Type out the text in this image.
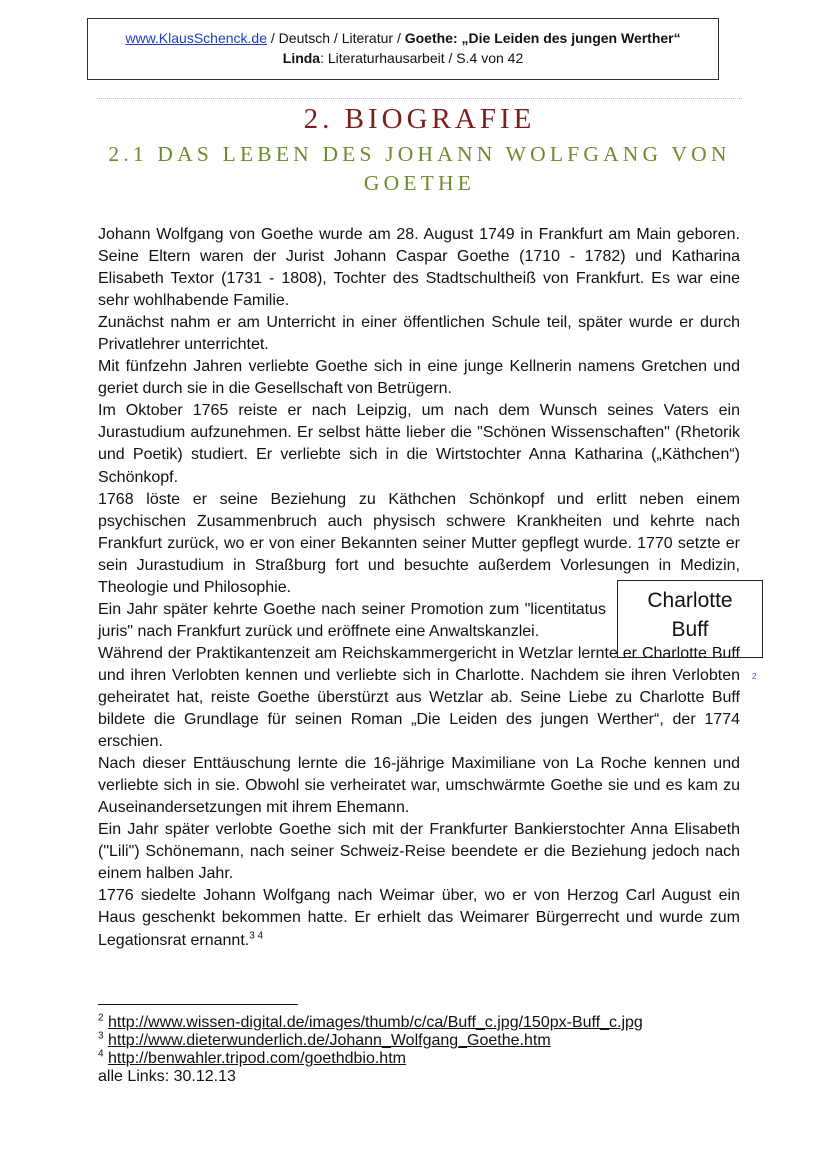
www.KlausSchenck.de / Deutsch / Literatur / Goethe: „Die Leiden des jungen Werther“
Linda: Literaturhausarbeit / S.4 von 42
2. BIOGRAFIE
2.1 DAS LEBEN DES JOHANN WOLFGANG VON GOETHE

Johann Wolfgang von Goethe wurde am 28. August 1749 in Frankfurt am Main geboren. Seine Eltern waren der Jurist Johann Caspar Goethe (1710 - 1782) und Katharina Elisabeth Textor (1731 - 1808), Tochter des Stadtschultheiß von Frankfurt. Es war eine sehr wohlhabende Familie.

Zunächst nahm er am Unterricht in einer öffentlichen Schule teil, später wurde er durch Privatlehrer unterrichtet.

Mit fünfzehn Jahren verliebte Goethe sich in eine junge Kellnerin namens Gretchen und geriet durch sie in die Gesellschaft von Betrügern.

Im Oktober 1765 reiste er nach Leipzig, um nach dem Wunsch seines Vaters ein Jurastudium aufzunehmen. Er selbst hätte lieber die "Schönen Wissenschaften" (Rhetorik und Poetik) studiert. Er verliebte sich in die Wirtstochter Anna Katharina („Käthchen“) Schönkopf.

1768 löste er seine Beziehung zu Käthchen Schönkopf und erlitt neben einem psychischen Zusammenbruch auch physisch schwere Krankheiten und kehrte nach Frankfurt zurück, wo er von einer Bekannten seiner Mutter gepflegt wurde. 1770 setzte er sein Jurastudium in Straßburg fort und besuchte außerdem Vorlesungen in Medizin, Theologie und Philosophie.

Ein Jahr später kehrte Goethe nach seiner Promotion zum "licentitatus juris" nach Frankfurt zurück und eröffnete eine Anwaltskanzlei.

Während der Praktikantenzeit am Reichskammergericht in Wetzlar lernte er Charlotte Buff und ihren Verlobten kennen und verliebte sich in Charlotte. Nachdem sie ihren Verlobten geheiratet hat, reiste Goethe überstürzt aus Wetzlar ab. Seine Liebe zu Charlotte Buff bildete die Grundlage für seinen Roman „Die Leiden des jungen Werther“, der 1774 erschien.

Nach dieser Enttäuschung lernte die 16-jährige Maximiliane von La Roche kennen und verliebte sich in sie. Obwohl sie verheiratet war, umschwärmte Goethe sie und es kam zu Auseinandersetzungen mit ihrem Ehemann.

Ein Jahr später verlobte Goethe sich mit der Frankfurter Bankierstochter Anna Elisabeth ("Lili") Schönemann, nach seiner Schweiz-Reise beendete er die Beziehung jedoch nach einem halben Jahr.

1776 siedelte Johann Wolfgang nach Weimar über, wo er von Herzog Carl August ein Haus geschenkt bekommen hatte. Er erhielt das Weimarer Bürgerrecht und wurde zum Legationsrat ernannt.$^{3 4}$

Charlotte
Buff
2

$^2$ http://www.wissen-digital.de/images/thumb/c/ca/Buff_c.jpg/150px-Buff_c.jpg

$^3$ http://www.dieterwunderlich.de/Johann_Wolfgang_Goethe.htm

$^4$ http://benwahler.tripod.com/goethdbio.htm

alle Links: 30.12.13
